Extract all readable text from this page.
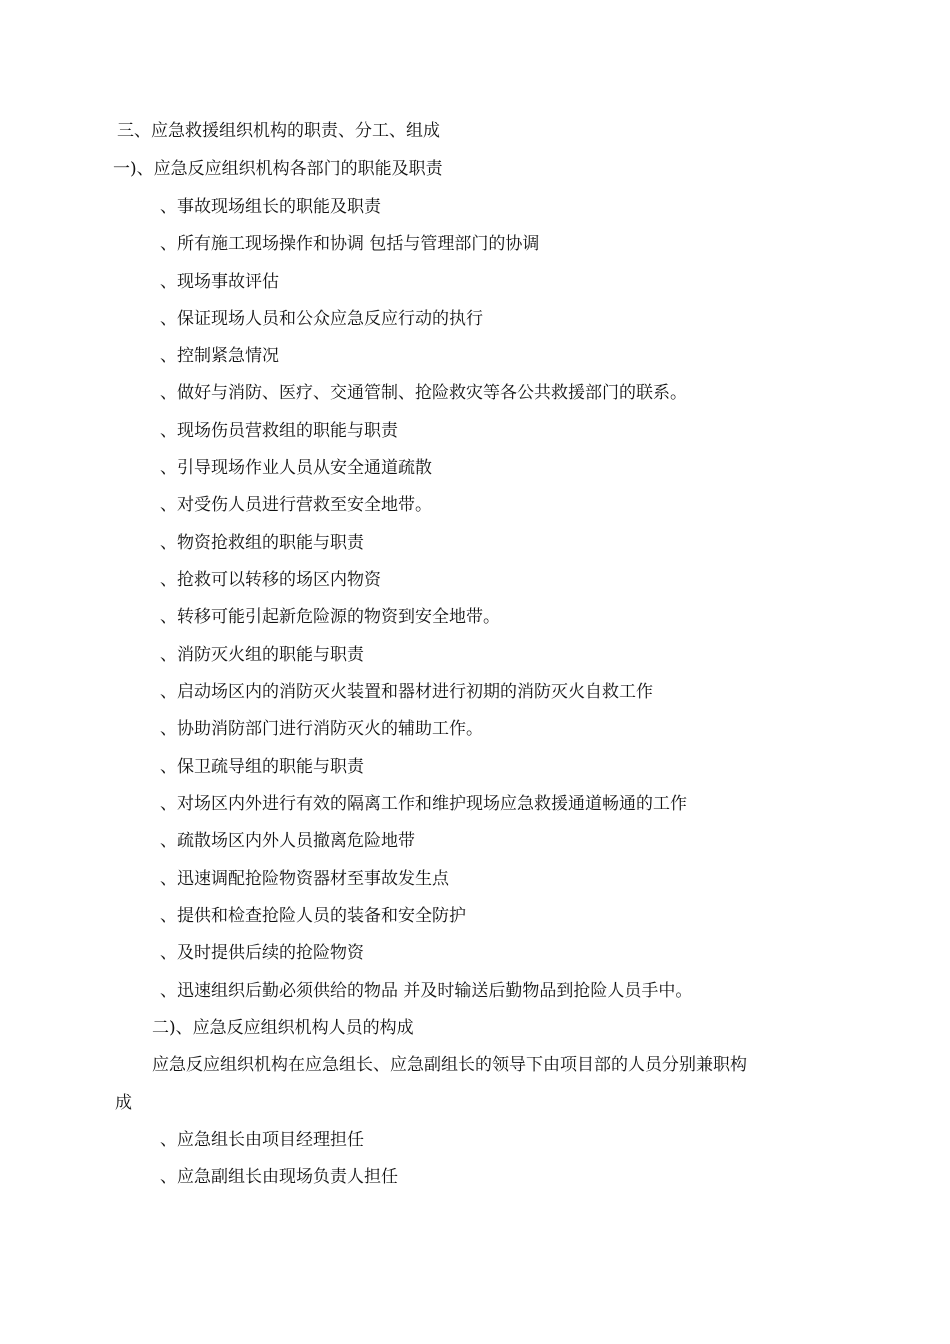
三、应急救援组织机构的职责、分工、组成
一)、应急反应组织机构各部门的职能及职责
、事故现场组长的职能及职责
、所有施工现场操作和协调 包括与管理部门的协调
、现场事故评估
、保证现场人员和公众应急反应行动的执行
、控制紧急情况
、做好与消防、医疗、交通管制、抢险救灾等各公共救援部门的联系。
、现场伤员营救组的职能与职责
、引导现场作业人员从安全通道疏散
、对受伤人员进行营救至安全地带。
、物资抢救组的职能与职责
、抢救可以转移的场区内物资
、转移可能引起新危险源的物资到安全地带。
、消防灭火组的职能与职责
、启动场区内的消防灭火装置和器材进行初期的消防灭火自救工作
、协助消防部门进行消防灭火的辅助工作。
、保卫疏导组的职能与职责
、对场区内外进行有效的隔离工作和维护现场应急救援通道畅通的工作
、疏散场区内外人员撤离危险地带
、迅速调配抢险物资器材至事故发生点
、提供和检查抢险人员的装备和安全防护
、及时提供后续的抢险物资
、迅速组织后勤必须供给的物品 并及时输送后勤物品到抢险人员手中。
二)、应急反应组织机构人员的构成
应急反应组织机构在应急组长、应急副组长的领导下由项目部的人员分别兼职构
成
、应急组长由项目经理担任
、应急副组长由现场负责人担任
